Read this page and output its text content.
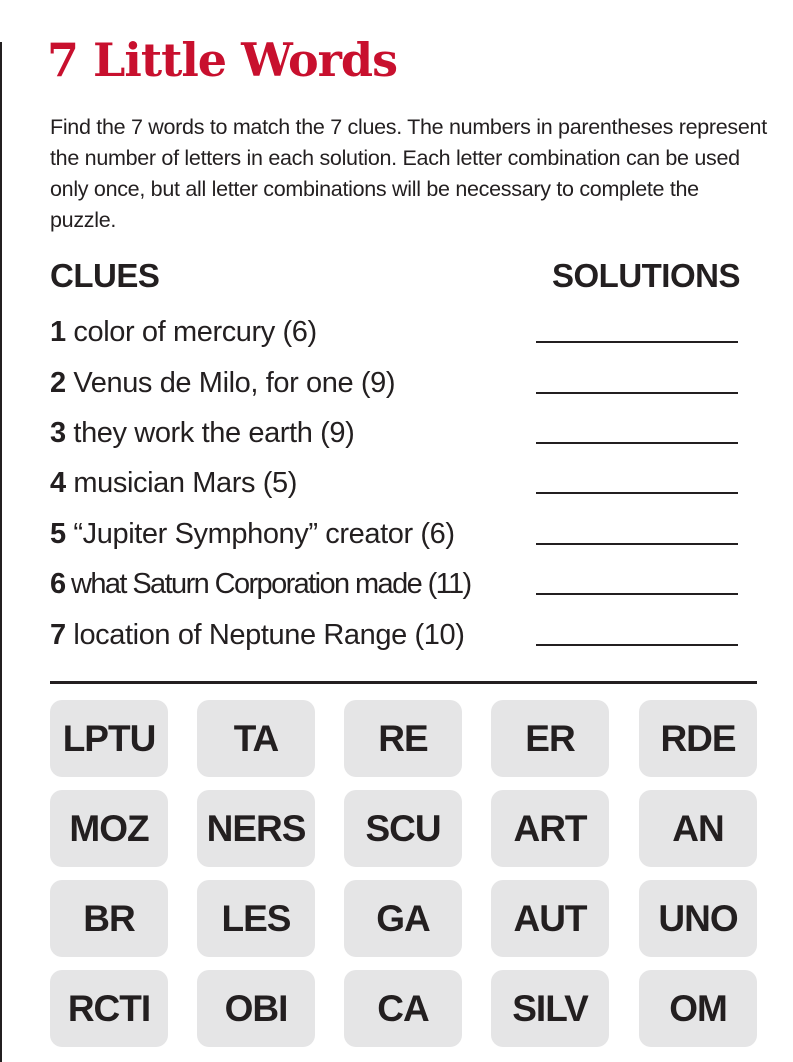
7 Little Words

Find the 7 words to match the 7 clues. The numbers in parentheses represent the number of letters in each solution. Each letter combination can be used only once, but all letter combinations will be necessary to complete the puzzle.

CLUES	SOLUTIONS
1 color of mercury (6)
2 Venus de Milo, for one (9)
3 they work the earth (9)
4 musician Mars (5)
5 “Jupiter Symphony” creator (6)
6 what Saturn Corporation made (11)
7 location of Neptune Range (10)
LPTU	TA	RE	ER	RDE
MOZ	NERS	SCU	ART	AN
BR	LES	GA	AUT	UNO
RCTI	OBI	CA	SILV	OM
